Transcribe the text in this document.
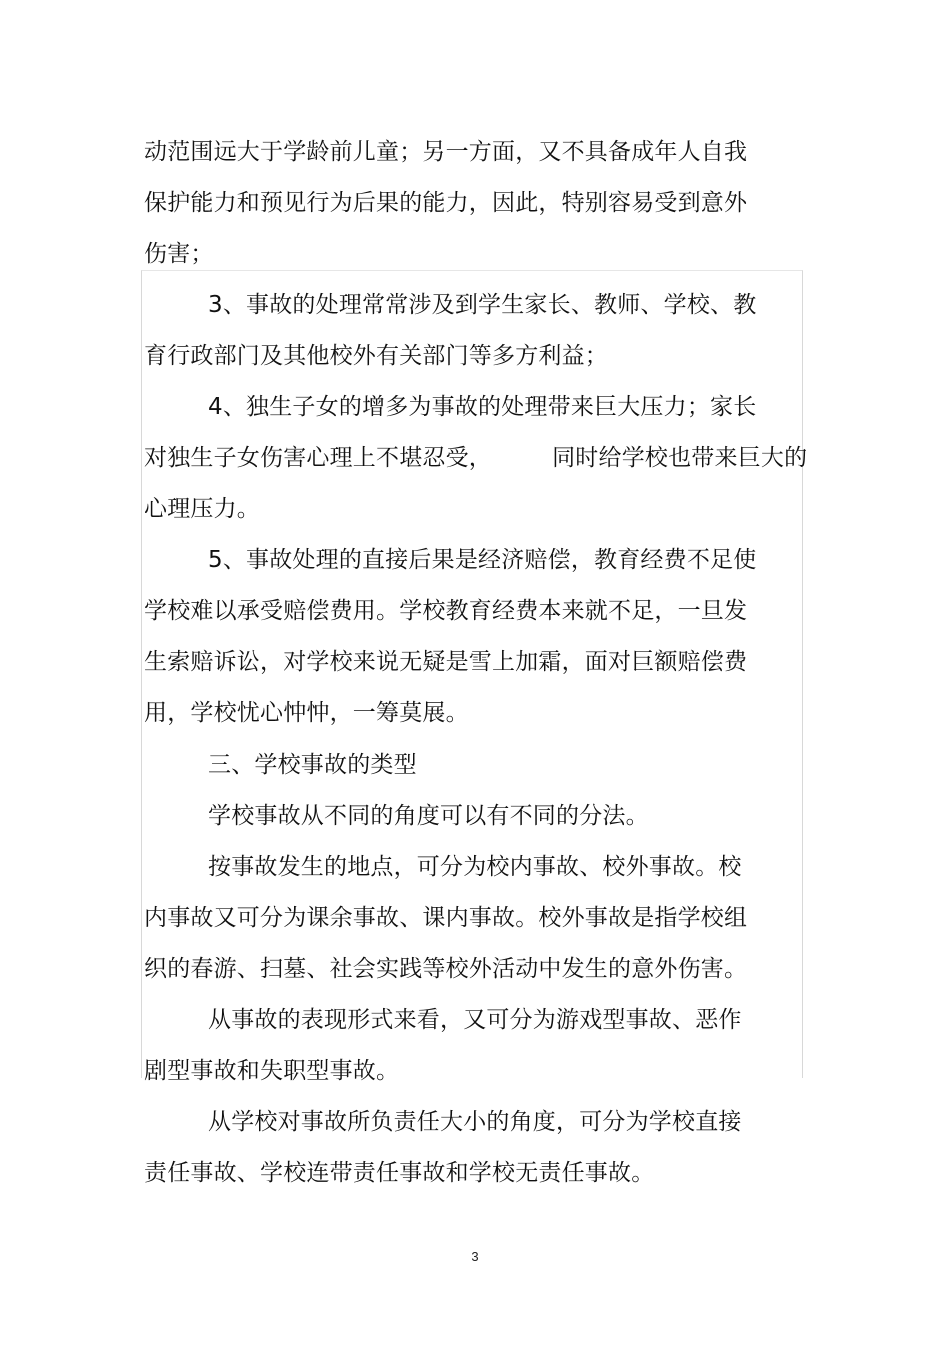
动范围远大于学龄前儿童；另一方面，又不具备成年人自我
保护能力和预见行为后果的能力，因此，特别容易受到意外
伤害；
3、事故的处理常常涉及到学生家长、教师、学校、教
育行政部门及其他校外有关部门等多方利益；
4、独生子女的增多为事故的处理带来巨大压力；家长
对独生子女伤害心理上不堪忍受，        同时给学校也带来巨大的
心理压力。
5、事故处理的直接后果是经济赔偿，教育经费不足使
学校难以承受赔偿费用。学校教育经费本来就不足，一旦发
生索赔诉讼，对学校来说无疑是雪上加霜，面对巨额赔偿费
用，学校忧心忡忡，一筹莫展。
三、学校事故的类型
学校事故从不同的角度可以有不同的分法。
按事故发生的地点，可分为校内事故、校外事故。校
内事故又可分为课余事故、课内事故。校外事故是指学校组
织的春游、扫墓、社会实践等校外活动中发生的意外伤害。
从事故的表现形式来看，又可分为游戏型事故、恶作
剧型事故和失职型事故。
从学校对事故所负责任大小的角度，可分为学校直接
责任事故、学校连带责任事故和学校无责任事故。
3
